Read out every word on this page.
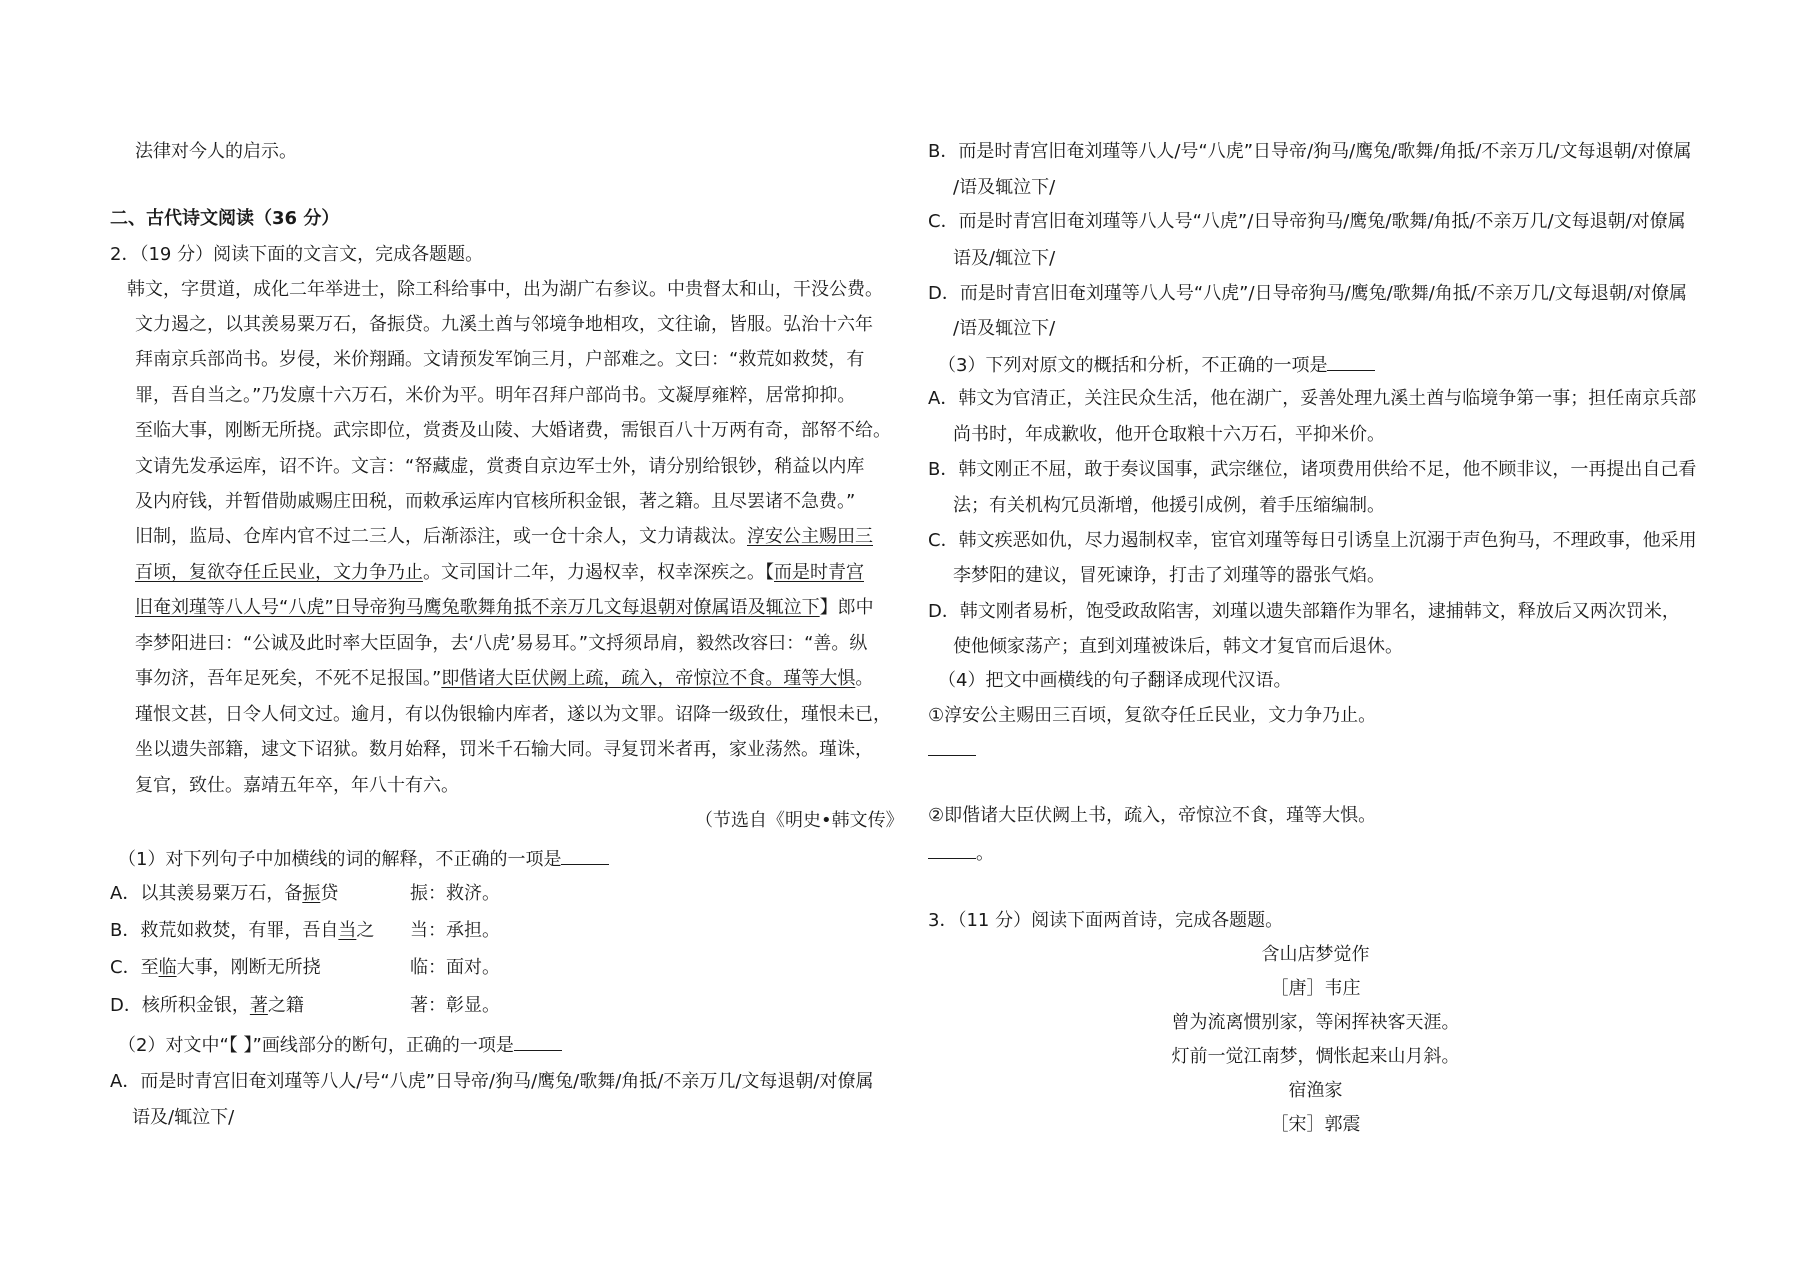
法律对今人的启示。
二、古代诗文阅读（36 分）
2．（19 分）阅读下面的文言文，完成各题题。
韩文，字贯道，成化二年举进士，除工科给事中，出为湖广右参议。中贵督太和山，干没公费。
文力遏之，以其羡易粟万石，备振贷。九溪土酋与邻境争地相攻，文往谕，皆服。弘治十六年
拜南京兵部尚书。岁侵，米价翔踊。文请预发军饷三月，户部难之。文曰：“救荒如救焚，有
罪，吾自当之。”乃发廪十六万石，米价为平。明年召拜户部尚书。文凝厚雍粹，居常抑抑。
至临大事，刚断无所挠。武宗即位，赏赉及山陵、大婚诸费，需银百八十万两有奇，部帑不给。
文请先发承运库，诏不许。文言：“帑藏虚，赏赉自京边军士外，请分别给银钞，稍益以内库
及内府钱，并暂借勋戚赐庄田税，而敕承运库内官核所积金银，著之籍。且尽罢诸不急费。”
旧制，监局、仓库内官不过二三人，后渐添注，或一仓十余人，文力请裁汰。淳安公主赐田三
百顷，复欲夺任丘民业，文力争乃止。文司国计二年，力遏权幸，权幸深疾之。【而是时青宫
旧奄刘瑾等八人号“八虎”日导帝狗马鹰兔歌舞角抵不亲万几文每退朝对僚属语及辄泣下】郎中
李梦阳进曰：“公诚及此时率大臣固争，去‘八虎’易易耳。”文捋须昂肩，毅然改容曰：“善。纵
事勿济，吾年足死矣，不死不足报国。”即偕诸大臣伏阙上疏，疏入，帝惊泣不食。瑾等大惧。
瑾恨文甚，日令人伺文过。逾月，有以伪银输内库者，遂以为文罪。诏降一级致仕，瑾恨未已，
坐以遗失部籍，逮文下诏狱。数月始释，罚米千石输大同。寻复罚米者再，家业荡然。瑾诛，
复官，致仕。嘉靖五年卒，年八十有六。
（节选自《明史•韩文传》
（1）对下列句子中加横线的词的解释，不正确的一项是
A．以其羡易粟万石，备振贷	振：救济。
B．救荒如救焚，有罪，吾自当之 当：承担。
C．至临大事，刚断无所挠	临：面对。
D．核所积金银，著之籍	著：彰显。
（2）对文中“【 】”画线部分的断句，正确的一项是
A．而是时青宫旧奄刘瑾等八人/号“八虎”日导帝/狗马/鹰兔/歌舞/角抵/不亲万几/文每退朝/对僚属
语及/辄泣下/
B．而是时青宫旧奄刘瑾等八人/号“八虎”日导帝/狗马/鹰兔/歌舞/角抵/不亲万几/文每退朝/对僚属
/语及辄泣下/
C．而是时青宫旧奄刘瑾等八人号“八虎”/日导帝狗马/鹰兔/歌舞/角抵/不亲万几/文每退朝/对僚属
语及/辄泣下/
D．而是时青宫旧奄刘瑾等八人号“八虎”/日导帝狗马/鹰兔/歌舞/角抵/不亲万几/文每退朝/对僚属
/语及辄泣下/
（3）下列对原文的概括和分析，不正确的一项是
A．韩文为官清正，关注民众生活，他在湖广，妥善处理九溪土酋与临境争第一事；担任南京兵部
尚书时，年成歉收，他开仓取粮十六万石，平抑米价。
B．韩文刚正不屈，敢于奏议国事，武宗继位，诸项费用供给不足，他不顾非议，一再提出自己看
法；有关机构冗员渐增，他援引成例，着手压缩编制。
C．韩文疾恶如仇，尽力遏制权幸，宦官刘瑾等每日引诱皇上沉溺于声色狗马，不理政事，他采用
李梦阳的建议，冒死谏诤，打击了刘瑾等的嚣张气焰。
D．韩文刚者易析，饱受政敌陷害，刘瑾以遗失部籍作为罪名，逮捕韩文，释放后又两次罚米，
使他倾家荡产；直到刘瑾被诛后，韩文才复官而后退休。
（4）把文中画横线的句子翻译成现代汉语。
①淳安公主赐田三百顷，复欲夺任丘民业，文力争乃止。
②即偕诸大臣伏阙上书，疏入，帝惊泣不食，瑾等大惧。
。
3．（11 分）阅读下面两首诗，完成各题题。
含山店梦觉作
［唐］韦庄
曾为流离惯别家，等闲挥袂客天涯。
灯前一觉江南梦，惆怅起来山月斜。
宿渔家
［宋］郭震
